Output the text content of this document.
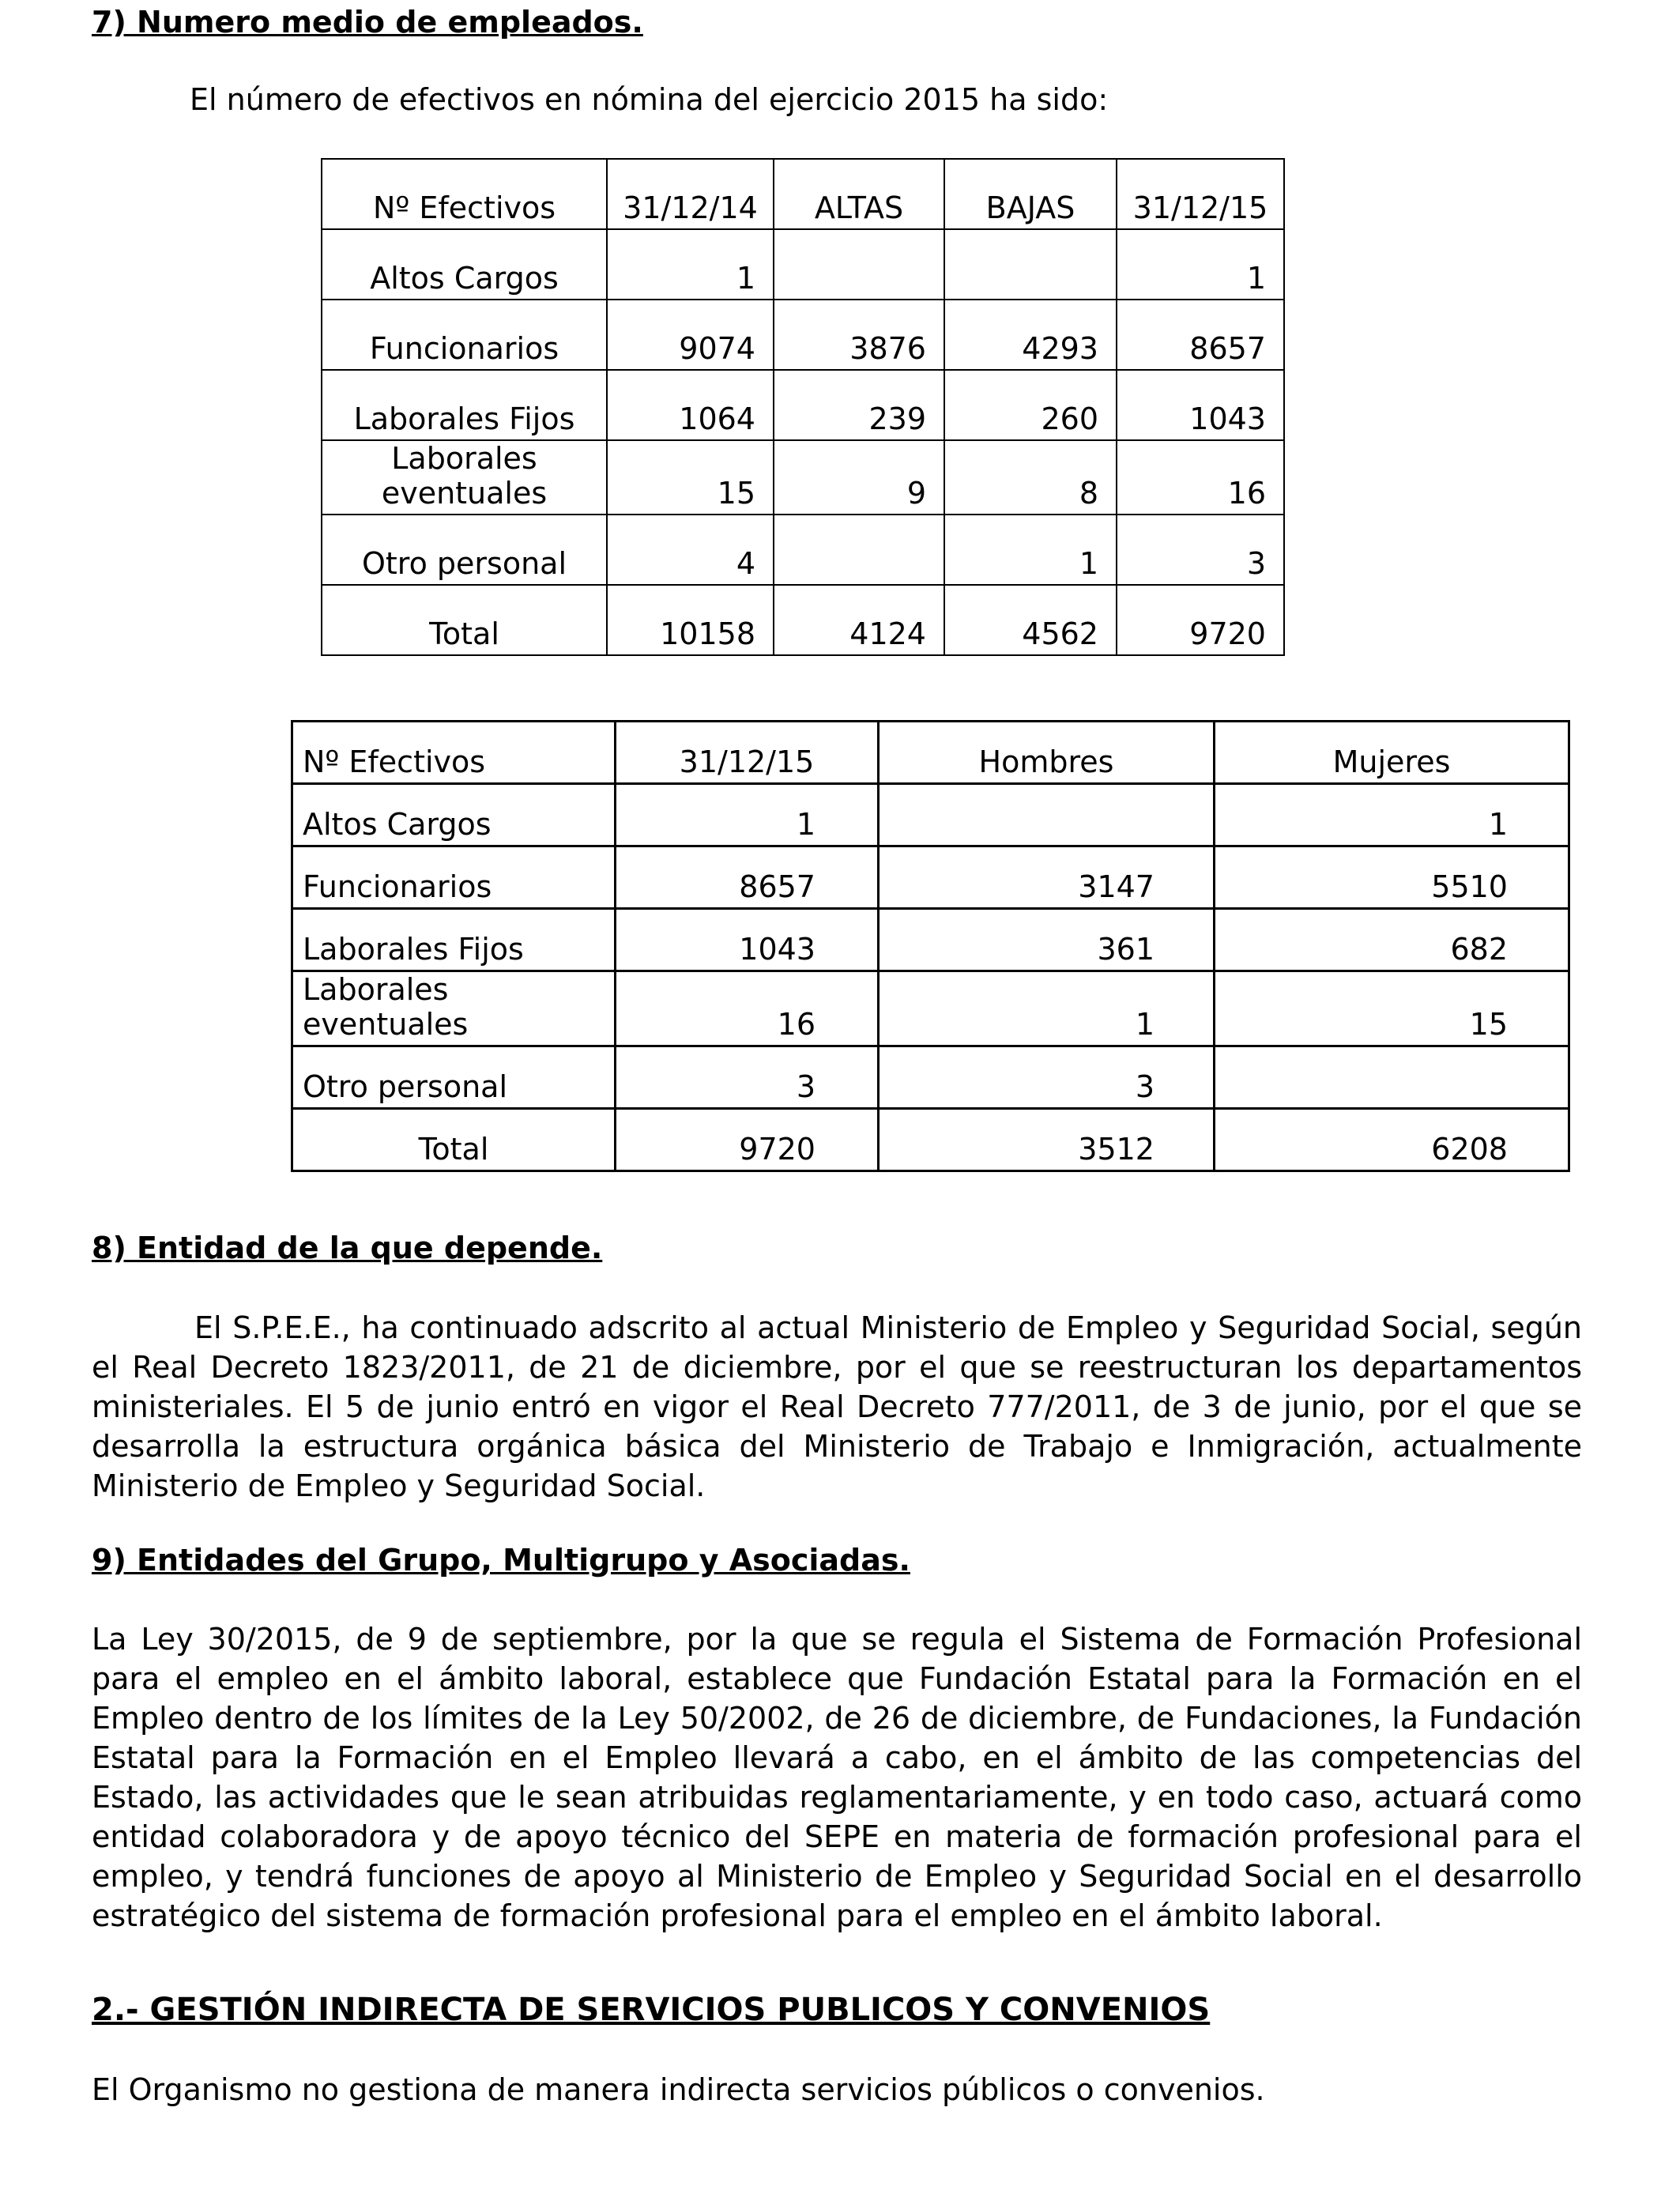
7) Numero medio de empleados.
El número de efectivos en nómina del ejercicio 2015 ha sido:
Nº Efectivos	31/12/14	ALTAS	BAJAS	31/12/15
Altos Cargos	1			1
Funcionarios	9074	3876	4293	8657
Laborales Fijos	1064	239	260	1043
Laborales eventuales	15	9	8	16
Otro personal	4		1	3
Total	10158	4124	4562	9720
Nº Efectivos	31/12/15	Hombres	Mujeres
Altos Cargos	1		1
Funcionarios	8657	3147	5510
Laborales Fijos	1043	361	682
Laborales eventuales	16	1	15
Otro personal	3	3	
Total	9720	3512	6208
8) Entidad de la que depende.
El S.P.E.E., ha continuado adscrito al actual Ministerio de Empleo y Seguridad Social, según el Real Decreto 1823/2011, de 21 de diciembre, por el que se reestructuran los departamentos ministeriales. El 5 de junio entró en vigor el Real Decreto 777/2011, de 3 de junio, por el que se desarrolla la estructura orgánica básica del Ministerio de Trabajo e Inmigración, actualmente Ministerio de Empleo y Seguridad Social.
9) Entidades del Grupo, Multigrupo y Asociadas.
La Ley 30/2015, de 9 de septiembre, por la que se regula el Sistema de Formación Profesional para el empleo en el ámbito laboral, establece que Fundación Estatal para la Formación en el Empleo dentro de los límites de la Ley 50/2002, de 26 de diciembre, de Fundaciones, la Fundación Estatal para la Formación en el Empleo llevará a cabo, en el ámbito de las competencias del Estado, las actividades que le sean atribuidas reglamentariamente, y en todo caso, actuará como entidad colaboradora y de apoyo técnico del SEPE en materia de formación profesional para el empleo, y tendrá funciones de apoyo al Ministerio de Empleo y Seguridad Social en el desarrollo estratégico del sistema de formación profesional para el empleo en el ámbito laboral.
2.- GESTIÓN INDIRECTA DE SERVICIOS PUBLICOS Y CONVENIOS
El Organismo no gestiona de manera indirecta servicios públicos o convenios.
